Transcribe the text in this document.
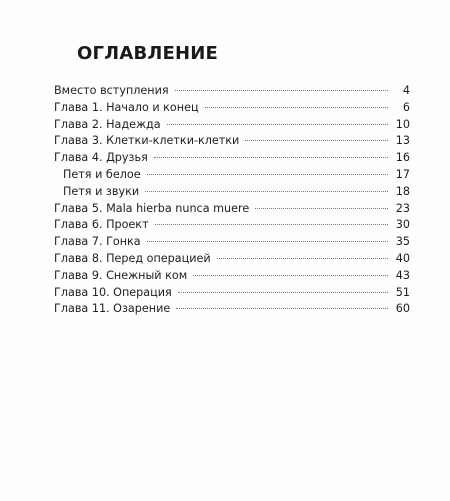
ОГЛАВЛЕНИЕ
Вместо вступления	4
Глава 1. Начало и конец	6
Глава 2. Надежда	10
Глава 3. Клетки-клетки-клетки	13
Глава 4. Друзья	16
Петя и белое	17
Петя и звуки	18
Глава 5. Mala hierba nunca muere	23
Глава 6. Проект	30
Глава 7. Гонка	35
Глава 8. Перед операцией	40
Глава 9. Снежный ком	43
Глава 10. Операция	51
Глава 11. Озарение	60
